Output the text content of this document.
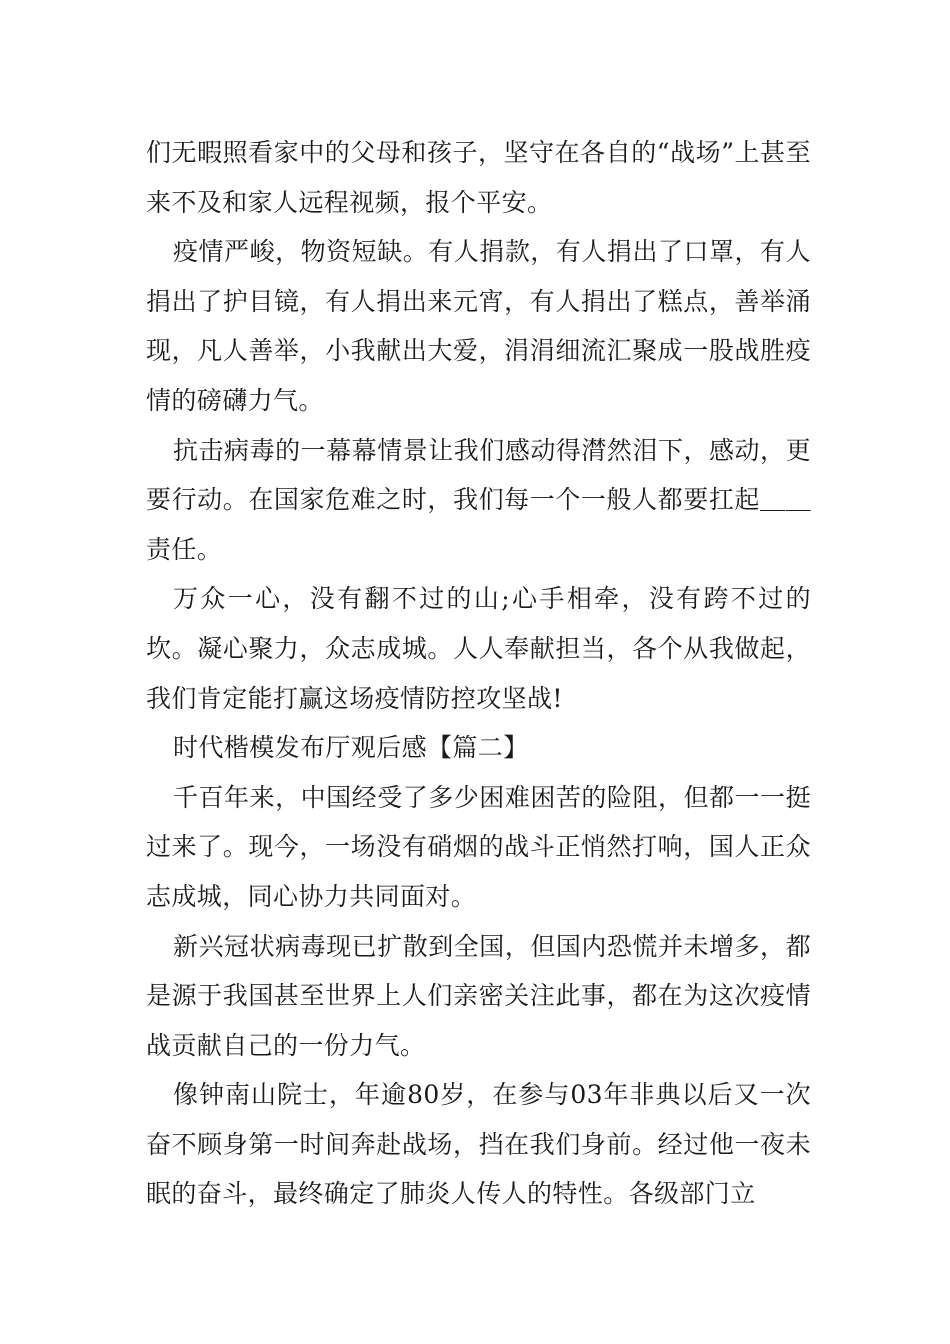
们无暇照看家中的父母和孩子，坚守在各自的“战场”上甚至来不及和家人远程视频，报个平安。

疫情严峻，物资短缺。有人捐款，有人捐出了口罩，有人捐出了护目镜，有人捐出来元宵，有人捐出了糕点，善举涌现，凡人善举，小我献出大爱，涓涓细流汇聚成一股战胜疫情的磅礴力气。

抗击病毒的一幕幕情景让我们感动得潸然泪下，感动，更要行动。在国家危难之时，我们每一个一般人都要扛起＿＿责任。

万众一心，没有翻不过的山;心手相牵，没有跨不过的坎。凝心聚力，众志成城。人人奉献担当，各个从我做起，我们肯定能打赢这场疫情防控攻坚战!

时代楷模发布厅观后感【篇二】

千百年来，中国经受了多少困难困苦的险阻，但都一一挺过来了。现今，一场没有硝烟的战斗正悄然打响，国人正众志成城，同心协力共同面对。

新兴冠状病毒现已扩散到全国，但国内恐慌并未增多，都是源于我国甚至世界上人们亲密关注此事，都在为这次疫情战贡献自己的一份力气。

像钟南山院士，年逾80岁，在参与03年非典以后又一次奋不顾身第一时间奔赴战场，挡在我们身前。经过他一夜未眠的奋斗，最终确定了肺炎人传人的特性。各级部门立
